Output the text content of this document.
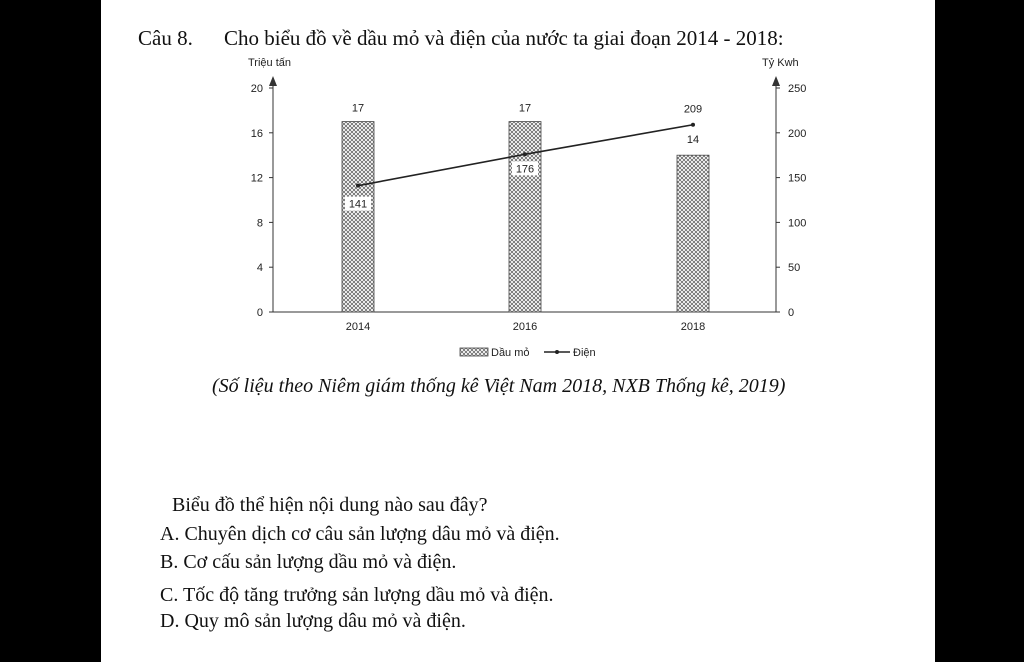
Câu 8. Cho biểu đồ về dầu mỏ và điện của nước ta giai đoạn 2014 - 2018:
Triệu tấn	Tỷ Kwh
0
4
8
12
16
20
0
50
100
150
200
250
17	17
14
2014	2016	2018
141
176
209
Dầu mỏ	Điện
(Số liệu theo Niêm giám thống kê Việt Nam 2018, NXB Thống kê, 2019)
Biểu đồ thể hiện nội dung nào sau đây?
A. Chuyên dịch cơ câu sản lượng dâu mỏ và điện.
B. Cơ cấu sản lượng dầu mỏ và điện.
C. Tốc độ tăng trưởng sản lượng dầu mỏ và điện.
D. Quy mô sản lượng dâu mỏ và điện.
